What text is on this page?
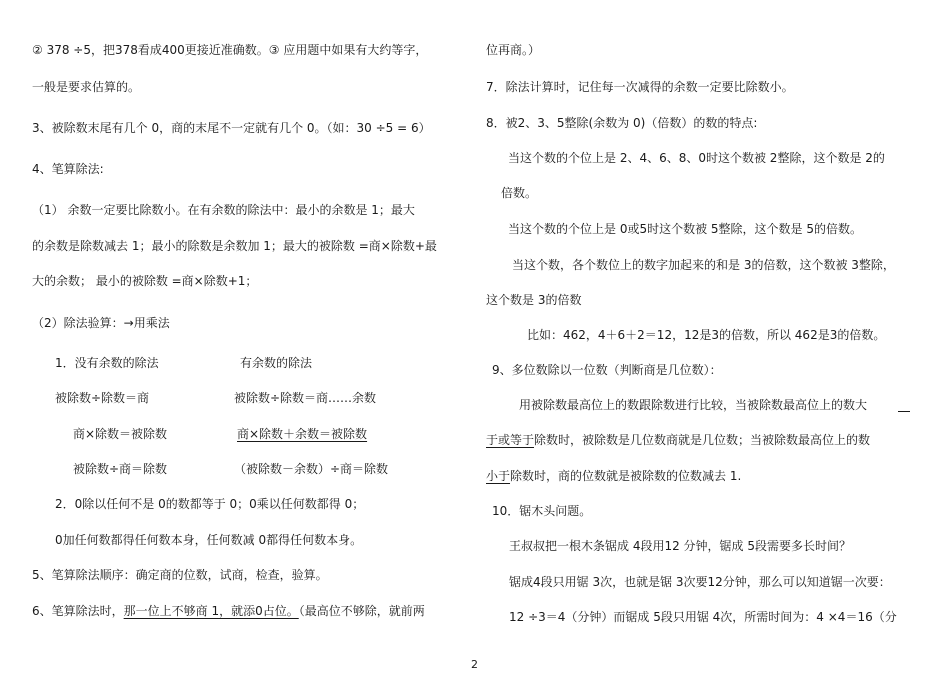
② 378 ÷5，把378看成400更接近准确数。③ 应用题中如果有大约等字，
一般是要求估算的。
3、被除数末尾有几个 0，商的末尾不一定就有几个 0。（如：30 ÷5 = 6）
4、笔算除法:
（1） 余数一定要比除数小。在有余数的除法中：最小的余数是 1；最大
的余数是除数减去 1；最小的除数是余数加 1；最大的被除数 =商×除数+最
大的余数； 最小的被除数 =商×除数+1；
（2）除法验算：→用乘法
1．没有余数的除法	有余数的除法
被除数÷除数＝商	被除数÷除数＝商……余数
商×除数＝被除数	商×除数＋余数＝被除数
被除数÷商＝除数	（被除数－余数）÷商＝除数
2．0除以任何不是 0的数都等于 0；0乘以任何数都得 0；
0加任何数都得任何数本身，任何数减 0都得任何数本身。
5、笔算除法顺序：确定商的位数，试商，检查，验算。
6、笔算除法时，那一位上不够商 1，就添0占位。（最高位不够除，就前两
位再商。）
7．除法计算时，记住每一次减得的余数一定要比除数小。
8．被2、3、5整除(余数为 0)（倍数）的数的特点:
当这个数的个位上是 2、4、6、8、0时这个数被 2整除，这个数是 2的
倍数。
当这个数的个位上是 0或5时这个数被 5整除，这个数是 5的倍数。
当这个数，各个数位上的数字加起来的和是 3的倍数，这个数被 3整除，
这个数是 3的倍数
比如：462，4＋6＋2＝12，12是3的倍数，所以 462是3的倍数。
9、多位数除以一位数（判断商是几位数）：
用被除数最高位上的数跟除数进行比较，当被除数最高位上的数大
于或等于除数时，被除数是几位数商就是几位数；当被除数最高位上的数
小于除数时，商的位数就是被除数的位数减去 1.
10．锯木头问题。
王叔叔把一根木条锯成 4段用12 分钟，锯成 5段需要多长时间？
锯成4段只用锯 3次，也就是锯 3次要12分钟，那么可以知道锯一次要：
12 ÷3＝4（分钟）而锯成 5段只用锯 4次，所需时间为：4 ×4＝16（分
2
